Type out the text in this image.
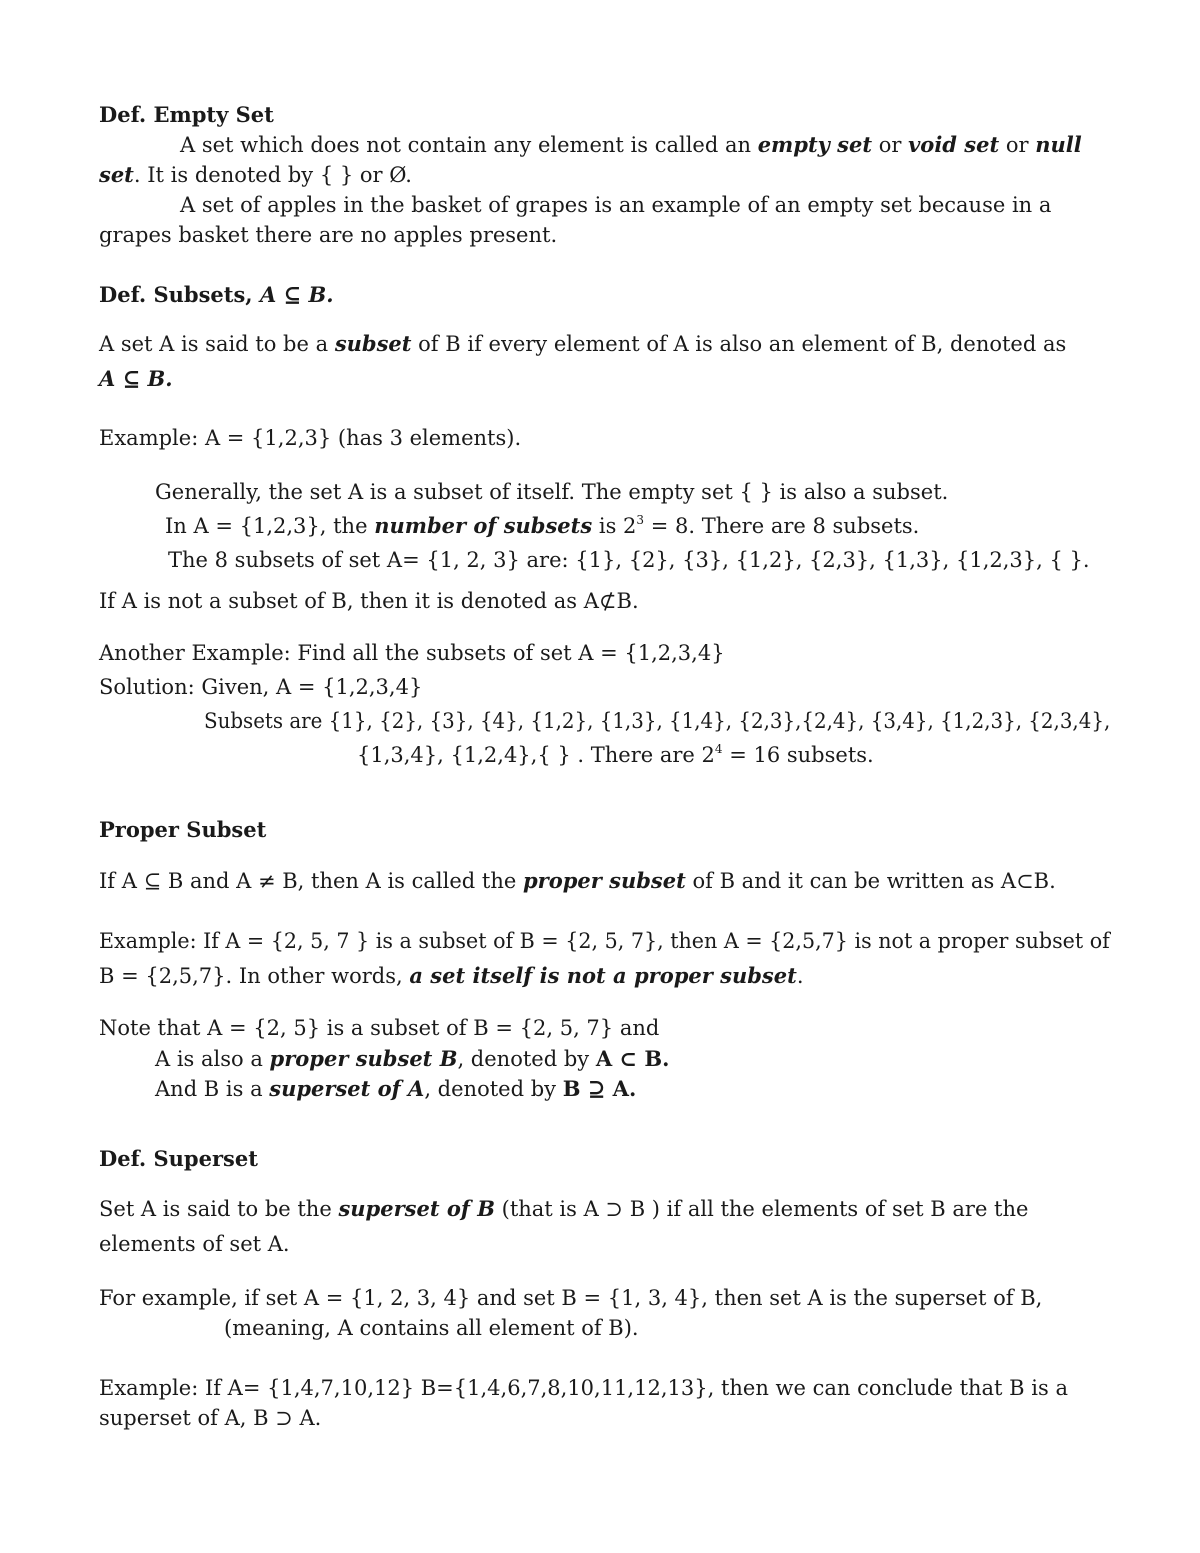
Def. Empty Set
A set which does not contain any element is called an empty set or void set or null
set. It is denoted by { } or Ø.
A set of apples in the basket of grapes is an example of an empty set because in a
grapes basket there are no apples present.
Def. Subsets, A ⊆ B.
A set A is said to be a subset of B if every element of A is also an element of B, denoted as
A ⊆ B.
Example: A = {1,2,3} (has 3 elements).
Generally, the set A is a subset of itself. The empty set { } is also a subset.
In A = {1,2,3}, the number of subsets is $2^3 = 8$. There are 8 subsets.
The 8 subsets of set A= {1, 2, 3} are: {1}, {2}, {3}, {1,2}, {2,3}, {1,3}, {1,2,3}, { }.
If A is not a subset of B, then it is denoted as A⊄B.
Another Example: Find all the subsets of set A = {1,2,3,4}
Solution: Given, A = {1,2,3,4}
Subsets are {1}, {2}, {3}, {4}, {1,2}, {1,3}, {1,4}, {2,3},{2,4}, {3,4}, {1,2,3}, {2,3,4},
{1,3,4}, {1,2,4},{ } . There are $2^4 = 16$ subsets.
Proper Subset
If A ⊆ B and A ≠ B, then A is called the proper subset of B and it can be written as A⊂B.
Example: If A = {2, 5, 7 } is a subset of B = {2, 5, 7}, then A = {2,5,7} is not a proper subset of
B = {2,5,7}. In other words, a set itself is not a proper subset.
Note that A = {2, 5} is a subset of B = {2, 5, 7} and
A is also a proper subset B, denoted by A ⊂ B.
And B is a superset of A, denoted by B ⊇ A.
Def. Superset
Set A is said to be the superset of B (that is A ⊃ B ) if all the elements of set B are the
elements of set A.
For example, if set A = {1, 2, 3, 4} and set B = {1, 3, 4}, then set A is the superset of B,
(meaning, A contains all element of B).
Example: If A= {1,4,7,10,12} B={1,4,6,7,8,10,11,12,13}, then we can conclude that B is a
superset of A, B ⊃ A.
